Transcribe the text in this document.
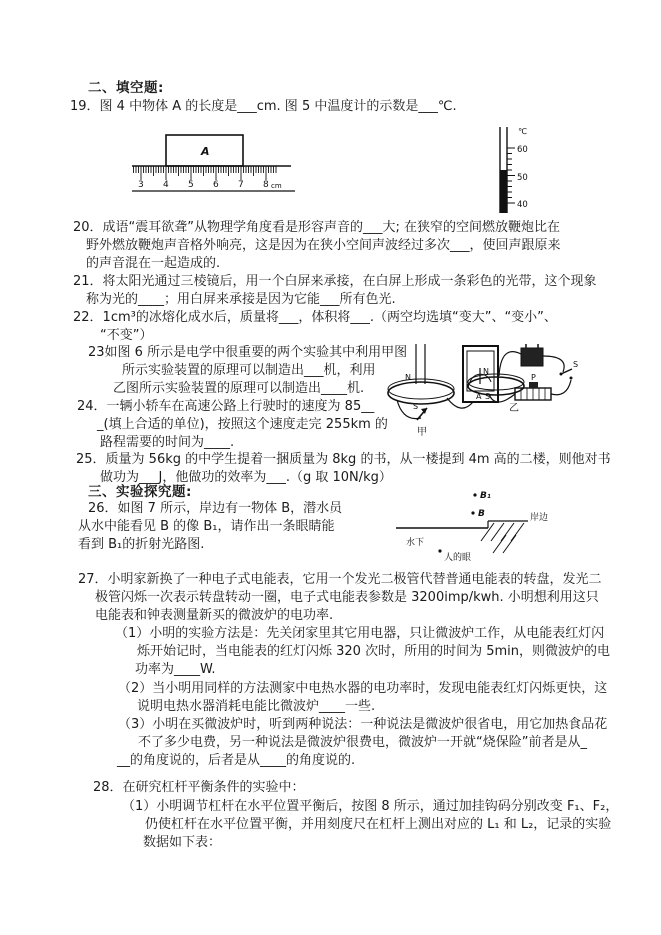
二、填空题:
19．图 4 中物体 A 的长度是___cm. 图 5 中温度计的示数是___℃.
A
3 4 5 6 7 8 cm
℃
60
50
40
20．成语“震耳欲聋”从物理学角度看是形容声音的___大; 在狭窄的空间燃放鞭炮比在
野外燃放鞭炮声音格外响亮，这是因为在狭小空间声波经过多次___，使回声跟原来
的声音混在一起造成的.
21．将太阳光通过三棱镜后，用一个白屏来承接，在白屏上形成一条彩色的光带，这个现象
称为光的____；用白屏来承接是因为它能___所有色光.
22．1cm³的冰熔化成水后，质量将___，体积将___.（两空均选填“变大”、“变小”、
“不变”）
23如图 6 所示是电学中很重要的两个实验其中利用甲图
所示实验装置的原理可以制造出___机，利用
乙图所示实验装置的原理可以制造出____机.
N
S
甲
N
A S
P
S
乙
24．一辆小轿车在高速公路上行驶时的速度为 85__
_(填上合适的单位)，按照这个速度走完 255km 的
路程需要的时间为____.
25．质量为 56kg 的中学生提着一捆质量为 8kg 的书，从一楼提到 4m 高的二楼，则他对书
做功为___J，他做功的效率为___.（g 取 10N/kg）
三、实验探究题:
26．如图 7 所示，岸边有一物体 B，潜水员
从水中能看见 B 的像 B₁，请作出一条眼睛能
看到 B₁的折射光路图.
B₁
B	岸边
水下
人的眼
27．小明家新换了一种电子式电能表，它用一个发光二极管代替普通电能表的转盘，发光二
极管闪烁一次表示转盘转动一圈，电子式电能表参数是 3200imp/kwh. 小明想利用这只
电能表和钟表测量新买的微波炉的电功率.
（1）小明的实验方法是：先关闭家里其它用电器，只让微波炉工作，从电能表红灯闪
烁开始记时，当电能表的红灯闪烁 320 次时，所用的时间为 5min，则微波炉的电
功率为____W.
（2）当小明用同样的方法测家中电热水器的电功率时，发现电能表红灯闪烁更快，这
说明电热水器消耗电能比微波炉____一些.
（3）小明在买微波炉时，听到两种说法：一种说法是微波炉很省电，用它加热食品花
不了多少电费，另一种说法是微波炉很费电，微波炉一开就“烧保险”前者是从_
__的角度说的，后者是从____的角度说的.
28．在研究杠杆平衡条件的实验中：
（1）小明调节杠杆在水平位置平衡后，按图 8 所示，通过加挂钩码分别改变 F₁、F₂，
仍使杠杆在水平位置平衡，并用刻度尺在杠杆上测出对应的 L₁ 和 L₂，记录的实验
数据如下表：
